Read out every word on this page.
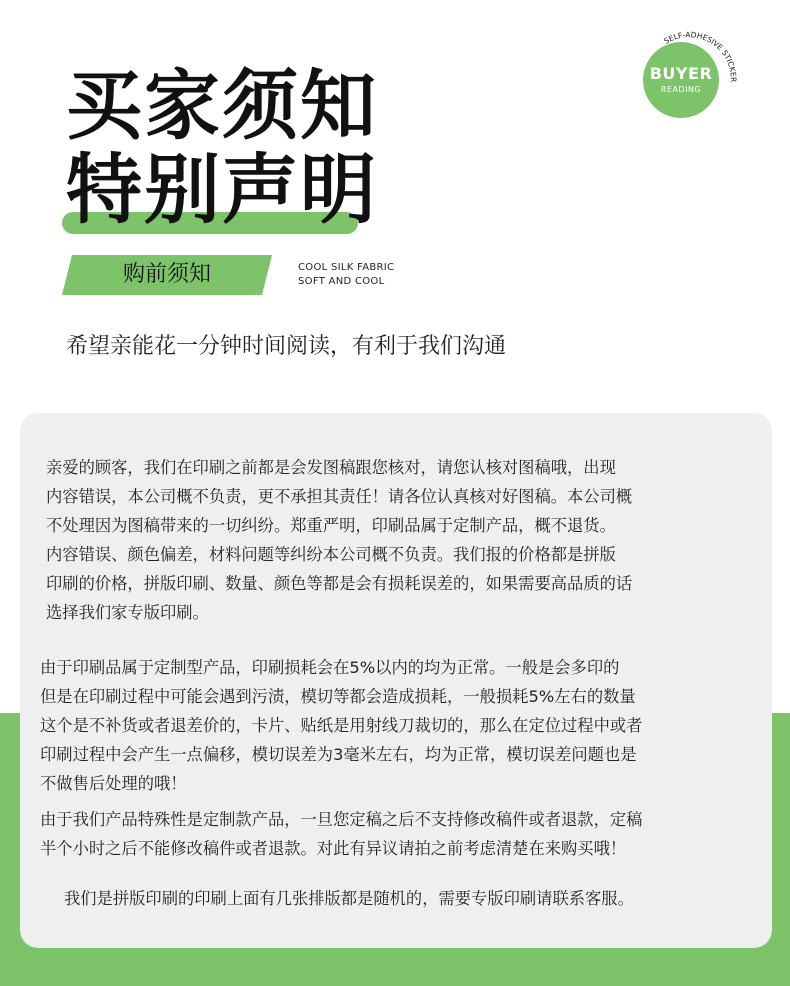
买家须知
特别声明
BUYER
READING
SELF-ADHESIVE STICKER
购前须知	COOL SILK FABRIC
SOFT AND COOL
希望亲能花一分钟时间阅读，有利于我们沟通
亲爱的顾客，我们在印刷之前都是会发图稿跟您核对，请您认核对图稿哦，出现
内容错误，本公司概不负责，更不承担其责任！请各位认真核对好图稿。本公司概
不处理因为图稿带来的一切纠纷。郑重严明，印刷品属于定制产品，概不退货。
内容错误、颜色偏差，材料问题等纠纷本公司概不负责。我们报的价格都是拼版
印刷的价格，拼版印刷、数量、颜色等都是会有损耗误差的，如果需要高品质的话
选择我们家专版印刷。
由于印刷品属于定制型产品，印刷损耗会在5%以内的均为正常。一般是会多印的
但是在印刷过程中可能会遇到污渍，模切等都会造成损耗，一般损耗5%左右的数量
这个是不补货或者退差价的，卡片、贴纸是用射线刀裁切的，那么在定位过程中或者
印刷过程中会产生一点偏移，模切误差为3毫米左右，均为正常，模切误差问题也是
不做售后处理的哦！
由于我们产品特殊性是定制款产品，一旦您定稿之后不支持修改稿件或者退款，定稿
半个小时之后不能修改稿件或者退款。对此有异议请拍之前考虑清楚在来购买哦！
我们是拼版印刷的印刷上面有几张排版都是随机的，需要专版印刷请联系客服。
